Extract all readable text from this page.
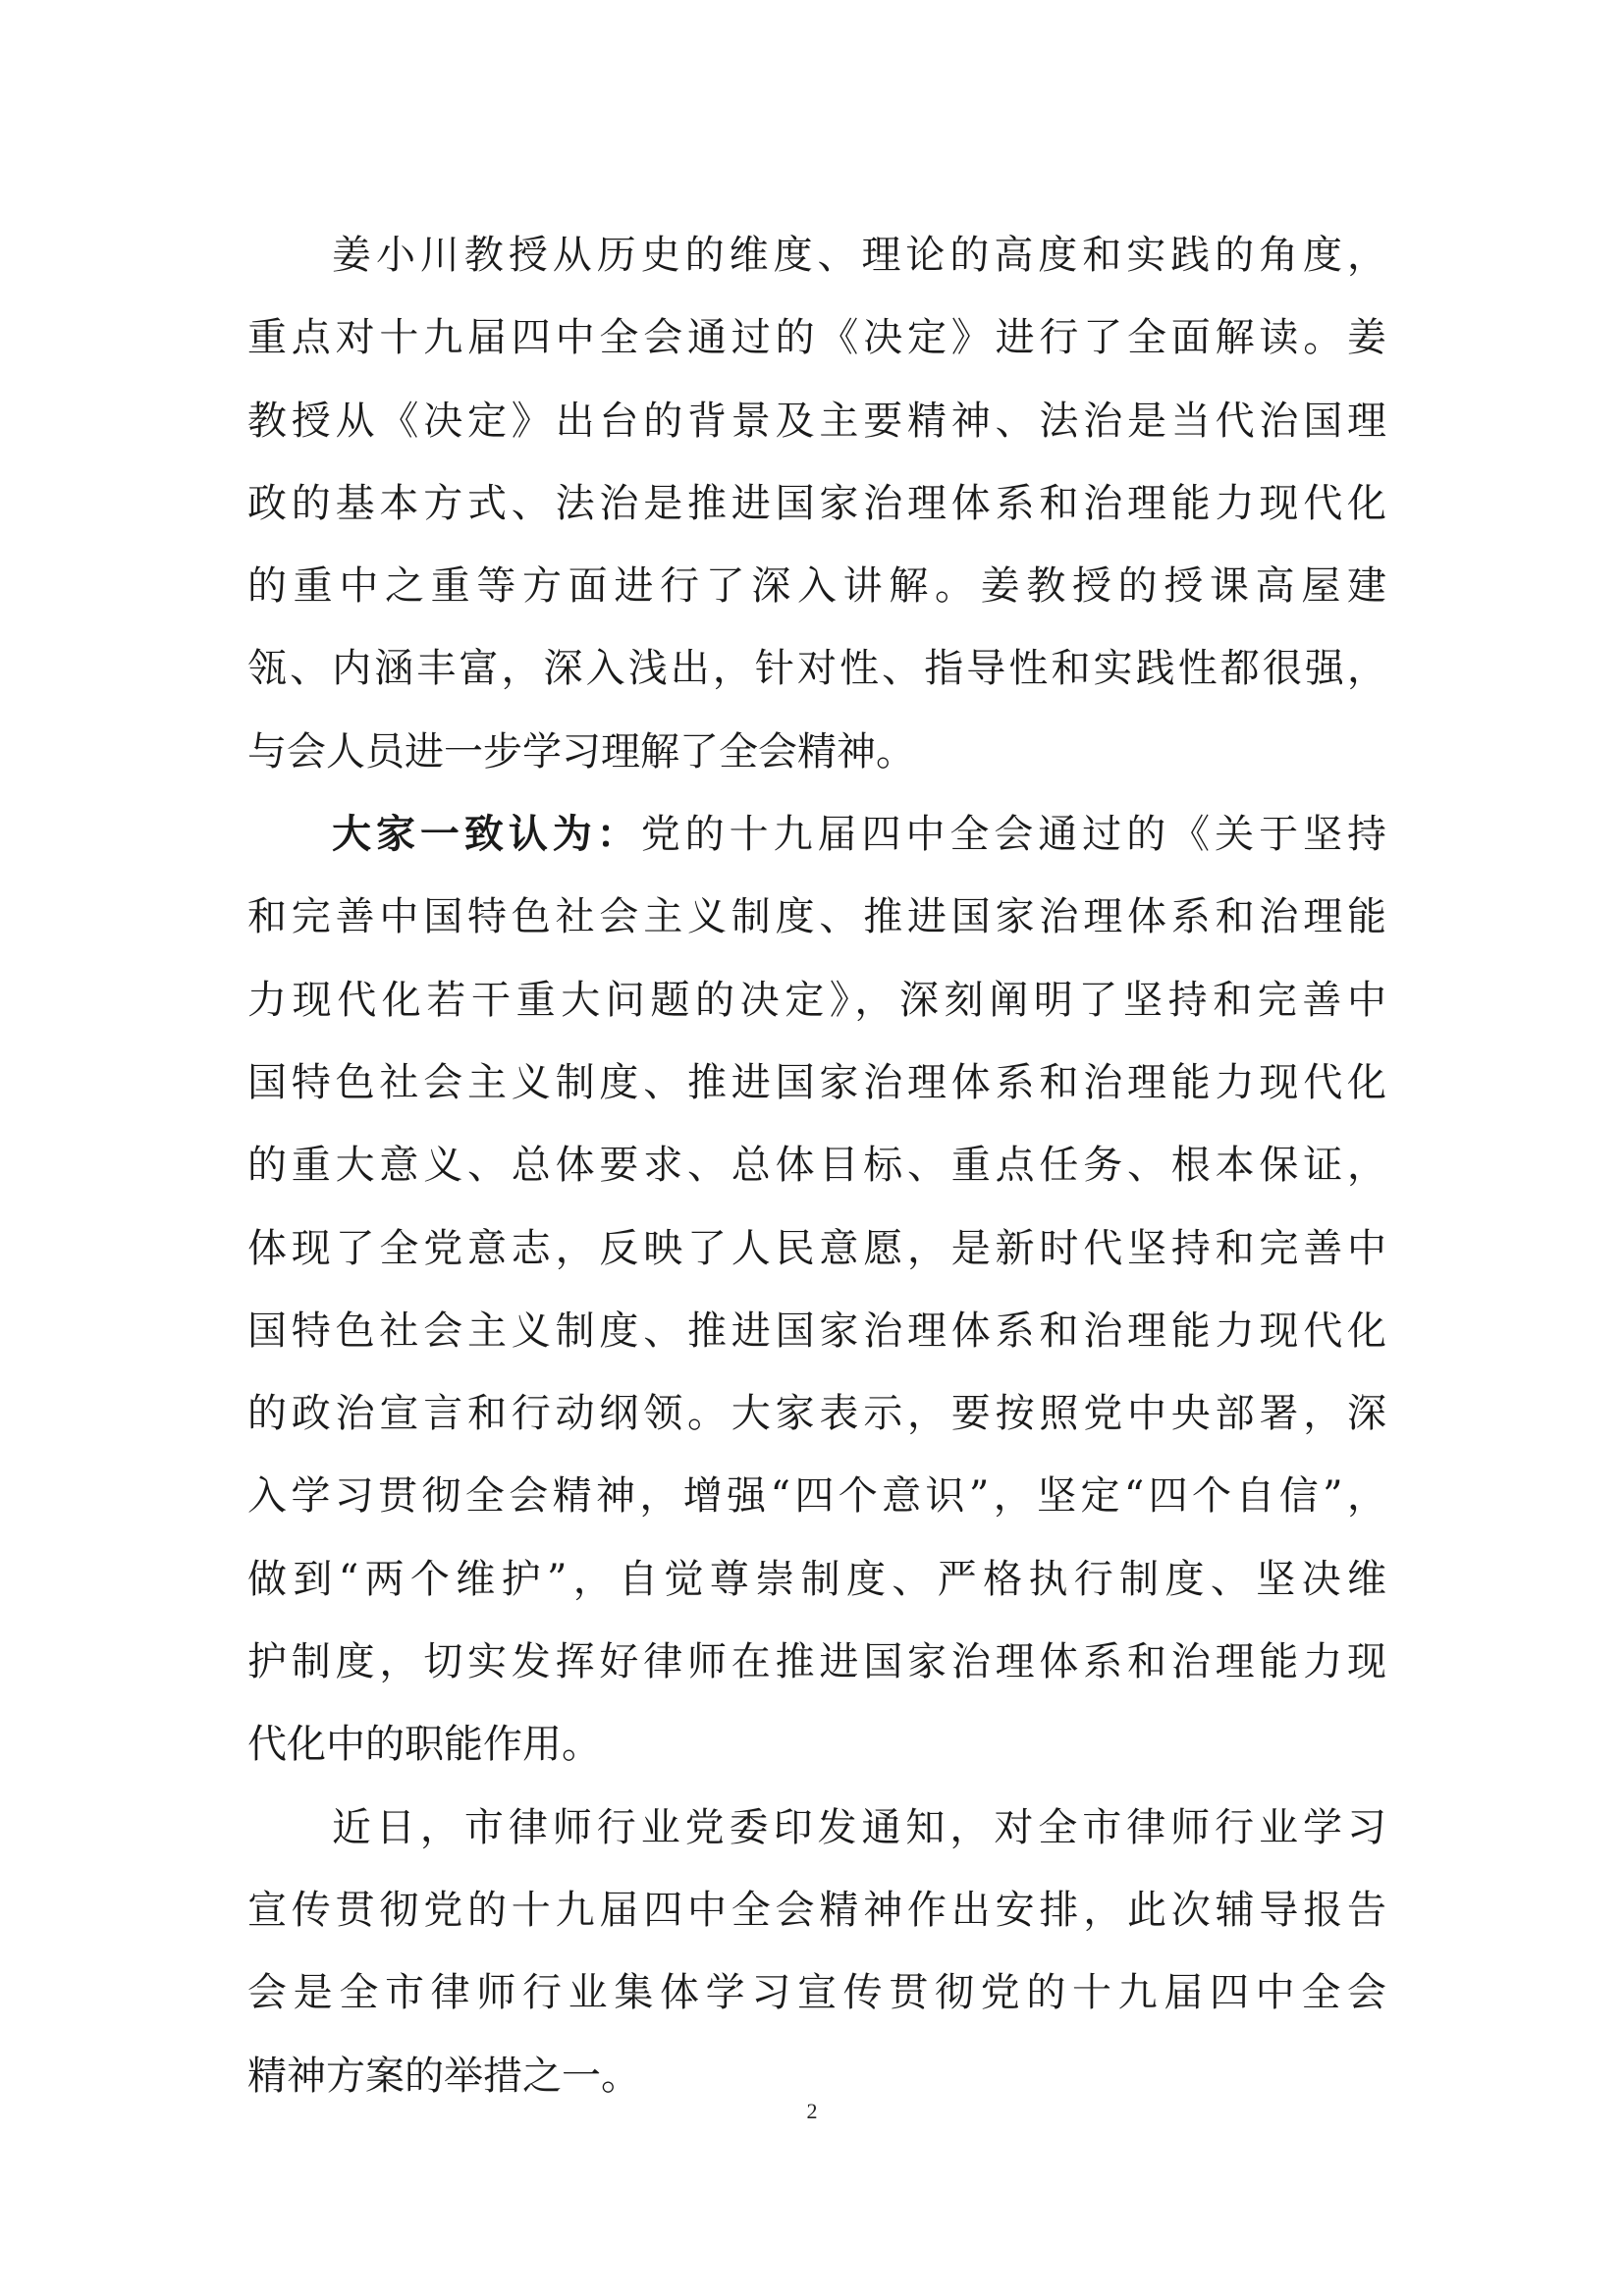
姜小川教授从历史的维度、理论的高度和实践的角度，
重点对十九届四中全会通过的《决定》进行了全面解读。姜
教授从《决定》出台的背景及主要精神、法治是当代治国理
政的基本方式、法治是推进国家治理体系和治理能力现代化
的重中之重等方面进行了深入讲解。姜教授的授课高屋建
瓴、内涵丰富，深入浅出，针对性、指导性和实践性都很强，
与会人员进一步学习理解了全会精神。
大家一致认为：党的十九届四中全会通过的《关于坚持
和完善中国特色社会主义制度、推进国家治理体系和治理能
力现代化若干重大问题的决定》，深刻阐明了坚持和完善中
国特色社会主义制度、推进国家治理体系和治理能力现代化
的重大意义、总体要求、总体目标、重点任务、根本保证，
体现了全党意志，反映了人民意愿，是新时代坚持和完善中
国特色社会主义制度、推进国家治理体系和治理能力现代化
的政治宣言和行动纲领。大家表示，要按照党中央部署，深
入学习贯彻全会精神，增强“四个意识”，坚定“四个自信”，
做到“两个维护”，自觉尊崇制度、严格执行制度、坚决维
护制度，切实发挥好律师在推进国家治理体系和治理能力现
代化中的职能作用。
近日，市律师行业党委印发通知，对全市律师行业学习
宣传贯彻党的十九届四中全会精神作出安排，此次辅导报告
会是全市律师行业集体学习宣传贯彻党的十九届四中全会
精神方案的举措之一。
2
